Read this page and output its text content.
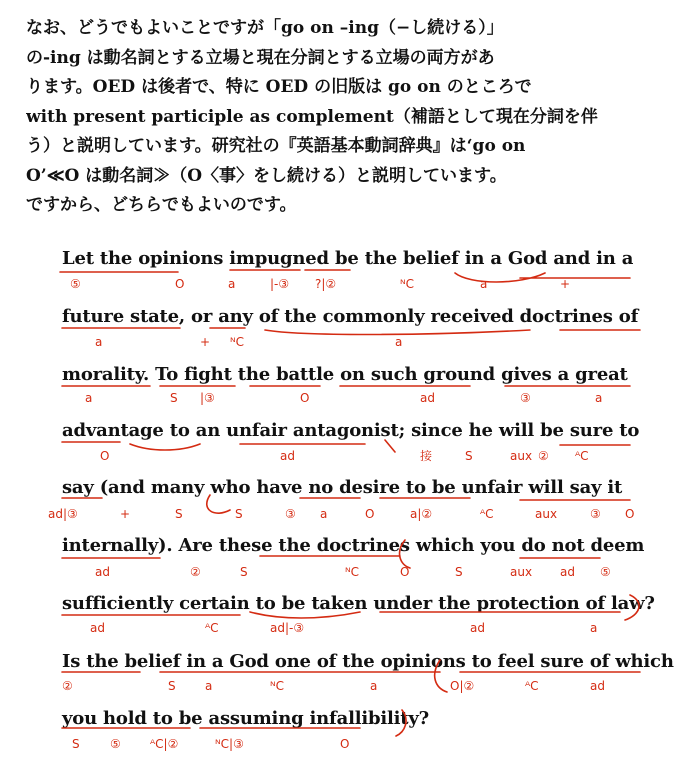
なお、どうでもよいことですが「go on –ing（−し続ける）」
の-ing は動名詞とする立場と現在分詞とする立場の両方があ
ります。OED は後者で、特に OED の旧版は go on のところで
with present participle as complement（補語として現在分詞を伴
う）と説明しています。研究社の『英語基本動詞辞典』は‘go on
O’≪O は動名詞≫（O〈事〉をし続ける）と説明しています。
ですから、どちらでもよいのです。
Let the opinions impugned be the belief in a God and in a
future state, or any of the commonly received doctrines of
morality. To fight the battle on such ground gives a great
advantage to an unfair antagonist; since he will be sure to
say (and many who have no desire to be unfair will say it
internally). Are these the doctrines which you do not deem
sufficiently certain to be taken under the protection of law?
Is the belief in a God one of the opinions to feel sure of which
you hold to be assuming infallibility?
⑤	O	a	|-③ ?|②	ᴺC	a	+
a	+ ᴺC	a
a	S |③	O	ad	③	a
O	ad	接	S	aux ② ᴬC
ad|③	+	S	S	③ a	O	a|②	ᴬC	aux	③ O
ad	②	S	ᴺC	O	S	aux ad ⑤
ad	ᴬC	ad|-③	ad	a
②	S a	ᴺC	a	O|②	ᴬC	ad
S	⑤ ᴬC|②	ᴺC|③	O
